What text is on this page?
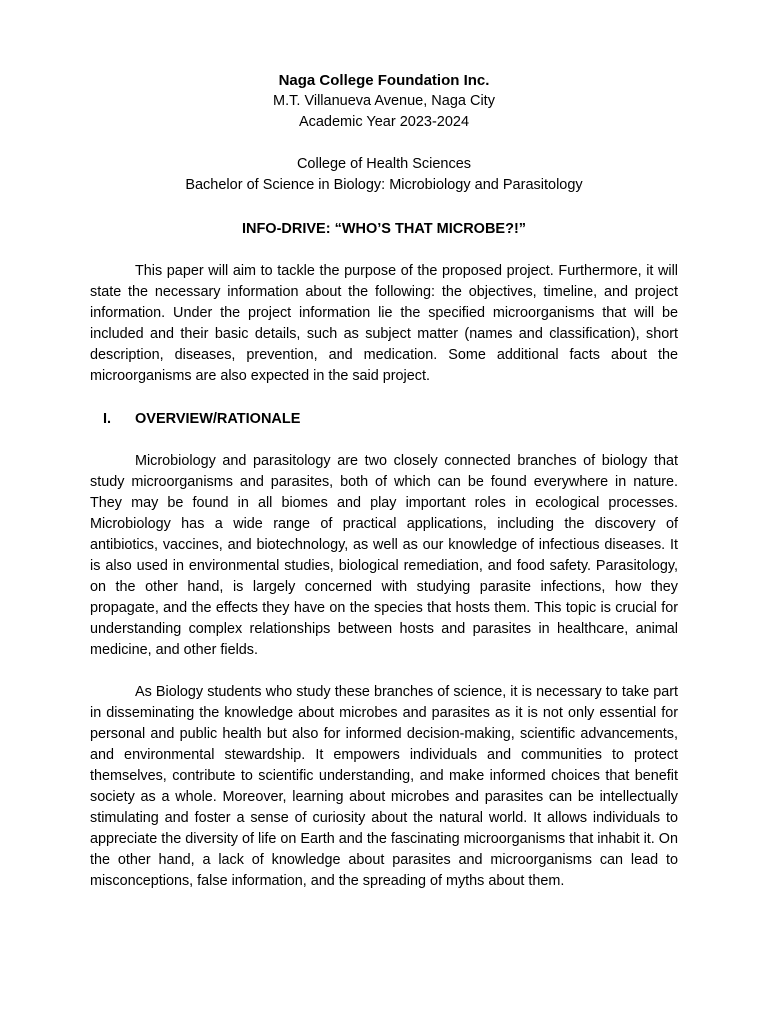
Naga College Foundation Inc.
M.T. Villanueva Avenue, Naga City
Academic Year 2023-2024
College of Health Sciences
Bachelor of Science in Biology: Microbiology and Parasitology
INFO-DRIVE: “WHO’S THAT MICROBE?!”

This paper will aim to tackle the purpose of the proposed project. Furthermore, it will state the necessary information about the following: the objectives, timeline, and project information. Under the project information lie the specified microorganisms that will be included and their basic details, such as subject matter (names and classification), short description, diseases, prevention, and medication. Some additional facts about the microorganisms are also expected in the said project.

I. OVERVIEW/RATIONALE

Microbiology and parasitology are two closely connected branches of biology that study microorganisms and parasites, both of which can be found everywhere in nature. They may be found in all biomes and play important roles in ecological processes. Microbiology has a wide range of practical applications, including the discovery of antibiotics, vaccines, and biotechnology, as well as our knowledge of infectious diseases. It is also used in environmental studies, biological remediation, and food safety. Parasitology, on the other hand, is largely concerned with studying parasite infections, how they propagate, and the effects they have on the species that hosts them. This topic is crucial for understanding complex relationships between hosts and parasites in healthcare, animal medicine, and other fields.

As Biology students who study these branches of science, it is necessary to take part in disseminating the knowledge about microbes and parasites as it is not only essential for personal and public health but also for informed decision-making, scientific advancements, and environmental stewardship. It empowers individuals and communities to protect themselves, contribute to scientific understanding, and make informed choices that benefit society as a whole. Moreover, learning about microbes and parasites can be intellectually stimulating and foster a sense of curiosity about the natural world. It allows individuals to appreciate the diversity of life on Earth and the fascinating microorganisms that inhabit it. On the other hand, a lack of knowledge about parasites and microorganisms can lead to misconceptions, false information, and the spreading of myths about them.
